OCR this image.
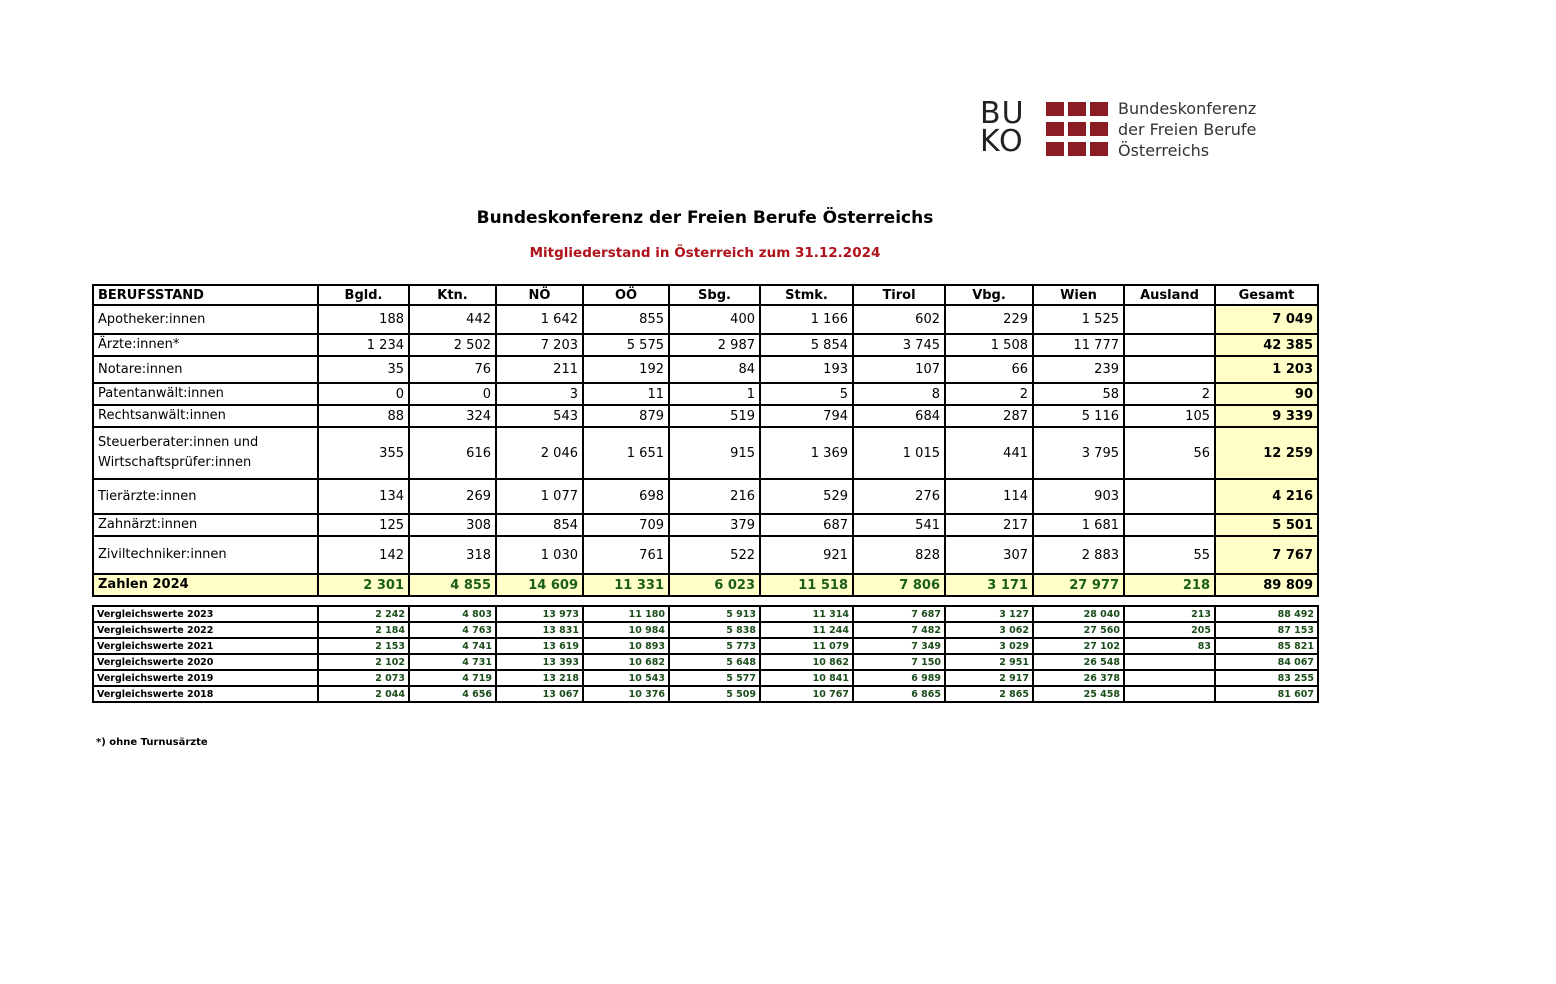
BU
KO
Bundeskonferenz
der Freien Berufe
Österreichs
Bundeskonferenz der Freien Berufe Österreichs
Mitgliederstand in Österreich zum 31.12.2024
BERUFSSTAND	Bgld.	Ktn.	NÖ	OÖ	Sbg.	Stmk.	Tirol	Vbg.	Wien	Ausland	Gesamt

Apotheker:innen	188	442	1 642	855	400	1 166	602	229	1 525		7 049

Ärzte:innen*	1 234	2 502	7 203	5 575	2 987	5 854	3 745	1 508	11 777		42 385

Notare:innen	35	76	211	192	84	193	107	66	239		1 203

Patentanwält:innen	0	0	3	11	1	5	8	2	58	2	90

Rechtsanwält:innen	88	324	543	879	519	794	684	287	5 116	105	9 339

Steuerberater:innen und
Wirtschaftsprüfer:innen	355	616	2 046	1 651	915	1 369	1 015	441	3 795	56	12 259

Tierärzte:innen	134	269	1 077	698	216	529	276	114	903		4 216

Zahnärzt:innen	125	308	854	709	379	687	541	217	1 681		5 501

Ziviltechniker:innen	142	318	1 030	761	522	921	828	307	2 883	55	7 767
Zahlen 2024	2 301	4 855	14 609	11 331	6 023	11 518	7 806	3 171	27 977	218	89 809
Vergleichswerte 2023	2 242	4 803	13 973	11 180	5 913	11 314	7 687	3 127	28 040	213	88 492
Vergleichswerte 2022	2 184	4 763	13 831	10 984	5 838	11 244	7 482	3 062	27 560	205	87 153
Vergleichswerte 2021	2 153	4 741	13 619	10 893	5 773	11 079	7 349	3 029	27 102	83	85 821
Vergleichswerte 2020	2 102	4 731	13 393	10 682	5 648	10 862	7 150	2 951	26 548		84 067
Vergleichswerte 2019	2 073	4 719	13 218	10 543	5 577	10 841	6 989	2 917	26 378		83 255
Vergleichswerte 2018	2 044	4 656	13 067	10 376	5 509	10 767	6 865	2 865	25 458		81 607
*) ohne Turnusärzte
